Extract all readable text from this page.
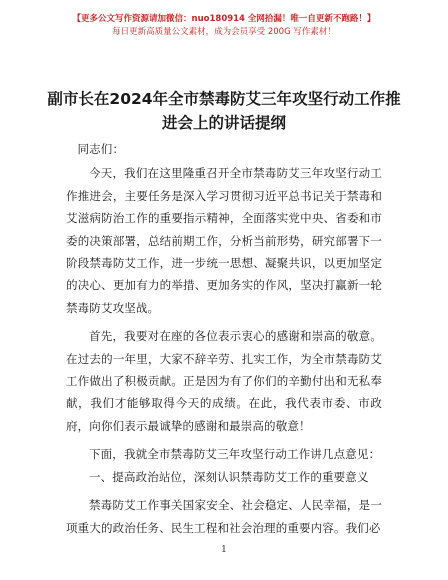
【更多公文写作资源请加微信：nuo180914 全网拾漏！唯一自更新不跑路！】
每日更新高质量公文素材，成为会员享受 200G 写作素材！
副市长在2024年全市禁毒防艾三年攻坚行动工作推进会上的讲话提纲

同志们：

今天，我们在这里隆重召开全市禁毒防艾三年攻坚行动工作推进会，主要任务是深入学习贯彻习近平总书记关于禁毒和艾滋病防治工作的重要指示精神，全面落实党中央、省委和市委的决策部署，总结前期工作，分析当前形势，研究部署下一阶段禁毒防艾工作，进一步统一思想、凝聚共识，以更加坚定的决心、更加有力的举措、更加务实的作风，坚决打赢新一轮禁毒防艾攻坚战。

首先，我要对在座的各位表示衷心的感谢和崇高的敬意。在过去的一年里，大家不辞辛劳、扎实工作，为全市禁毒防艾工作做出了积极贡献。正是因为有了你们的辛勤付出和无私奉献，我们才能够取得今天的成绩。在此，我代表市委、市政府，向你们表示最诚挚的感谢和最崇高的敬意！

下面，我就全市禁毒防艾三年攻坚行动工作讲几点意见：

一、提高政治站位，深刻认识禁毒防艾工作的重要意义

禁毒防艾工作事关国家安全、社会稳定、人民幸福，是一项重大的政治任务、民生工程和社会治理的重要内容。我们必

1
